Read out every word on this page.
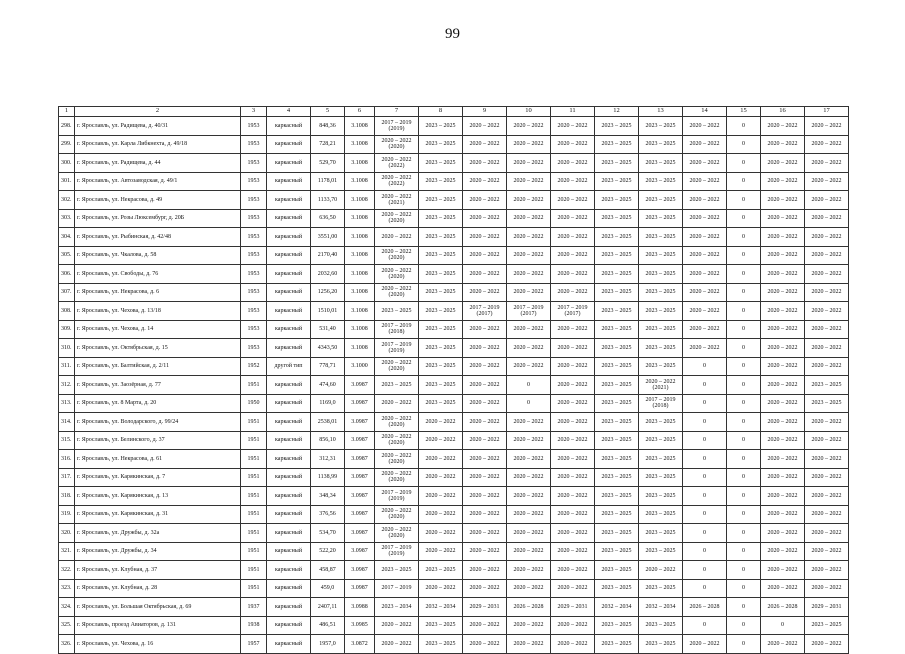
99
1	2	3	4	5	6	7	8	9	10	11	12	13	14	15	16	17
298.	г. Ярославль, ул. Радищева, д. 40/31	1953	каркасный	848,36	3.1008	2017 – 2019 (2019)	2023 – 2025	2020 – 2022	2020 – 2022	2020 – 2022	2023 – 2025	2023 – 2025	2020 – 2022	0	2020 – 2022	2020 – 2022
299.	г. Ярославль, ул. Карла Либкнехта, д. 49/18	1953	каркасный	728,21	3.1008	2020 – 2022 (2020)	2023 – 2025	2020 – 2022	2020 – 2022	2020 – 2022	2023 – 2025	2023 – 2025	2020 – 2022	0	2020 – 2022	2020 – 2022
300.	г. Ярославль, ул. Радищева, д. 44	1953	каркасный	529,70	3.1008	2020 – 2022 (2022)	2023 – 2025	2020 – 2022	2020 – 2022	2020 – 2022	2023 – 2025	2023 – 2025	2020 – 2022	0	2020 – 2022	2020 – 2022
301.	г. Ярославль, ул. Автозаводская, д. 49/1	1953	каркасный	1178,01	3.1008	2020 – 2022 (2022)	2023 – 2025	2020 – 2022	2020 – 2022	2020 – 2022	2023 – 2025	2023 – 2025	2020 – 2022	0	2020 – 2022	2020 – 2022
302.	г. Ярославль, ул. Некрасова, д. 49	1953	каркасный	1133,70	3.1008	2020 – 2022 (2021)	2023 – 2025	2020 – 2022	2020 – 2022	2020 – 2022	2023 – 2025	2023 – 2025	2020 – 2022	0	2020 – 2022	2020 – 2022
303.	г. Ярославль, ул. Розы Люксембург, д. 20Б	1953	каркасный	636,50	3.1008	2020 – 2022 (2020)	2023 – 2025	2020 – 2022	2020 – 2022	2020 – 2022	2023 – 2025	2023 – 2025	2020 – 2022	0	2020 – 2022	2020 – 2022
304.	г. Ярославль, ул. Рыбинская, д. 42/48	1953	каркасный	3551,00	3.1008	2020 – 2022	2023 – 2025	2020 – 2022	2020 – 2022	2020 – 2022	2023 – 2025	2023 – 2025	2020 – 2022	0	2020 – 2022	2020 – 2022
305.	г. Ярославль, ул. Чкалова, д. 58	1953	каркасный	2170,40	3.1008	2020 – 2022 (2020)	2023 – 2025	2020 – 2022	2020 – 2022	2020 – 2022	2023 – 2025	2023 – 2025	2020 – 2022	0	2020 – 2022	2020 – 2022
306.	г. Ярославль, ул. Свободы, д. 76	1953	каркасный	2032,60	3.1008	2020 – 2022 (2020)	2023 – 2025	2020 – 2022	2020 – 2022	2020 – 2022	2023 – 2025	2023 – 2025	2020 – 2022	0	2020 – 2022	2020 – 2022
307.	г. Ярославль, ул. Некрасова, д. 6	1953	каркасный	1256,20	3.1008	2020 – 2022 (2020)	2023 – 2025	2020 – 2022	2020 – 2022	2020 – 2022	2023 – 2025	2023 – 2025	2020 – 2022	0	2020 – 2022	2020 – 2022
308.	г. Ярославль, ул. Чехова, д. 13/18	1953	каркасный	1510,01	3.1008	2023 – 2025	2023 – 2025	2017 – 2019 (2017)	2017 – 2019 (2017)	2017 – 2019 (2017)	2023 – 2025	2023 – 2025	2020 – 2022	0	2020 – 2022	2020 – 2022
309.	г. Ярославль, ул. Чехова, д. 14	1953	каркасный	531,40	3.1008	2017 – 2019 (2018)	2023 – 2025	2020 – 2022	2020 – 2022	2020 – 2022	2023 – 2025	2023 – 2025	2020 – 2022	0	2020 – 2022	2020 – 2022
310.	г. Ярославль, ул. Октябрьская, д. 15	1953	каркасный	4343,50	3.1008	2017 – 2019 (2019)	2023 – 2025	2020 – 2022	2020 – 2022	2020 – 2022	2023 – 2025	2023 – 2025	2020 – 2022	0	2020 – 2022	2020 – 2022
311.	г. Ярославль, ул. Балтийская, д. 2/11	1952	другой тип	778,71	3.1000	2020 – 2022 (2020)	2023 – 2025	2020 – 2022	2020 – 2022	2020 – 2022	2023 – 2025	2023 – 2025	0	0	2020 – 2022	2020 – 2022
312.	г. Ярославль, ул. Заозёрная, д. 77	1951	каркасный	474,60	3.0987	2023 – 2025	2023 – 2025	2020 – 2022	0	2020 – 2022	2023 – 2025	2020 – 2022 (2021)	0	0	2020 – 2022	2023 – 2025
313.	г. Ярославль, ул. 8 Марта, д. 20	1950	каркасный	1169,0	3.0987	2020 – 2022	2023 – 2025	2020 – 2022	0	2020 – 2022	2023 – 2025	2017 – 2019 (2018)	0	0	2020 – 2022	2023 – 2025
314.	г. Ярославль, ул. Володарского, д. 99/24	1951	каркасный	2538,01	3.0987	2020 – 2022 (2020)	2020 – 2022	2020 – 2022	2020 – 2022	2020 – 2022	2023 – 2025	2023 – 2025	0	0	2020 – 2022	2020 – 2022
315.	г. Ярославль, ул. Белинского, д. 37	1951	каркасный	856,10	3.0987	2020 – 2022 (2020)	2020 – 2022	2020 – 2022	2020 – 2022	2020 – 2022	2023 – 2025	2023 – 2025	0	0	2020 – 2022	2020 – 2022
316.	г. Ярославль, ул. Некрасова, д. 61	1951	каркасный	312,31	3.0987	2020 – 2022 (2020)	2020 – 2022	2020 – 2022	2020 – 2022	2020 – 2022	2023 – 2025	2023 – 2025	0	0	2020 – 2022	2020 – 2022
317.	г. Ярославль, ул. Карякинская, д. 7	1951	каркасный	1138,99	3.0987	2020 – 2022 (2020)	2020 – 2022	2020 – 2022	2020 – 2022	2020 – 2022	2023 – 2025	2023 – 2025	0	0	2020 – 2022	2020 – 2022
318.	г. Ярославль, ул. Карякинская, д. 13	1951	каркасный	348,34	3.0987	2017 – 2019 (2019)	2020 – 2022	2020 – 2022	2020 – 2022	2020 – 2022	2023 – 2025	2023 – 2025	0	0	2020 – 2022	2020 – 2022
319.	г. Ярославль, ул. Карякинская, д. 31	1951	каркасный	376,56	3.0987	2020 – 2022 (2020)	2020 – 2022	2020 – 2022	2020 – 2022	2020 – 2022	2023 – 2025	2023 – 2025	0	0	2020 – 2022	2020 – 2022
320.	г. Ярославль, ул. Дружбы, д. 32а	1951	каркасный	534,70	3.0987	2020 – 2022 (2020)	2020 – 2022	2020 – 2022	2020 – 2022	2020 – 2022	2023 – 2025	2023 – 2025	0	0	2020 – 2022	2020 – 2022
321.	г. Ярославль, ул. Дружбы, д. 34	1951	каркасный	522,20	3.0987	2017 – 2019 (2019)	2020 – 2022	2020 – 2022	2020 – 2022	2020 – 2022	2023 – 2025	2023 – 2025	0	0	2020 – 2022	2020 – 2022
322.	г. Ярославль, ул. Клубная, д. 37	1951	каркасный	458,87	3.0987	2023 – 2025	2023 – 2025	2020 – 2022	2020 – 2022	2020 – 2022	2023 – 2025	2020 – 2022	0	0	2020 – 2022	2020 – 2022
323.	г. Ярославль, ул. Клубная, д. 28	1951	каркасный	459,0	3.0987	2017 – 2019	2020 – 2022	2020 – 2022	2020 – 2022	2020 – 2022	2023 – 2025	2023 – 2025	0	0	2020 – 2022	2020 – 2022
324.	г. Ярославль, ул. Большая Октябрьская, д. 69	1937	каркасный	2407,11	3.0988	2023 – 2034	2032 – 2034	2029 – 2031	2026 – 2028	2029 – 2031	2032 – 2034	2032 – 2034	2026 – 2028	0	2026 – 2028	2029 – 2031
325.	г. Ярославль, проезд Авиаторов, д. 131	1938	каркасный	486,51	3.0985	2020 – 2022	2023 – 2025	2020 – 2022	2020 – 2022	2020 – 2022	2023 – 2025	2023 – 2025	0	0	0	2023 – 2025
326.	г. Ярославль, ул. Чехова, д. 16	1957	каркасный	1957,0	3.0872	2020 – 2022	2023 – 2025	2020 – 2022	2020 – 2022	2020 – 2022	2023 – 2025	2023 – 2025	2020 – 2022	0	2020 – 2022	2020 – 2022
